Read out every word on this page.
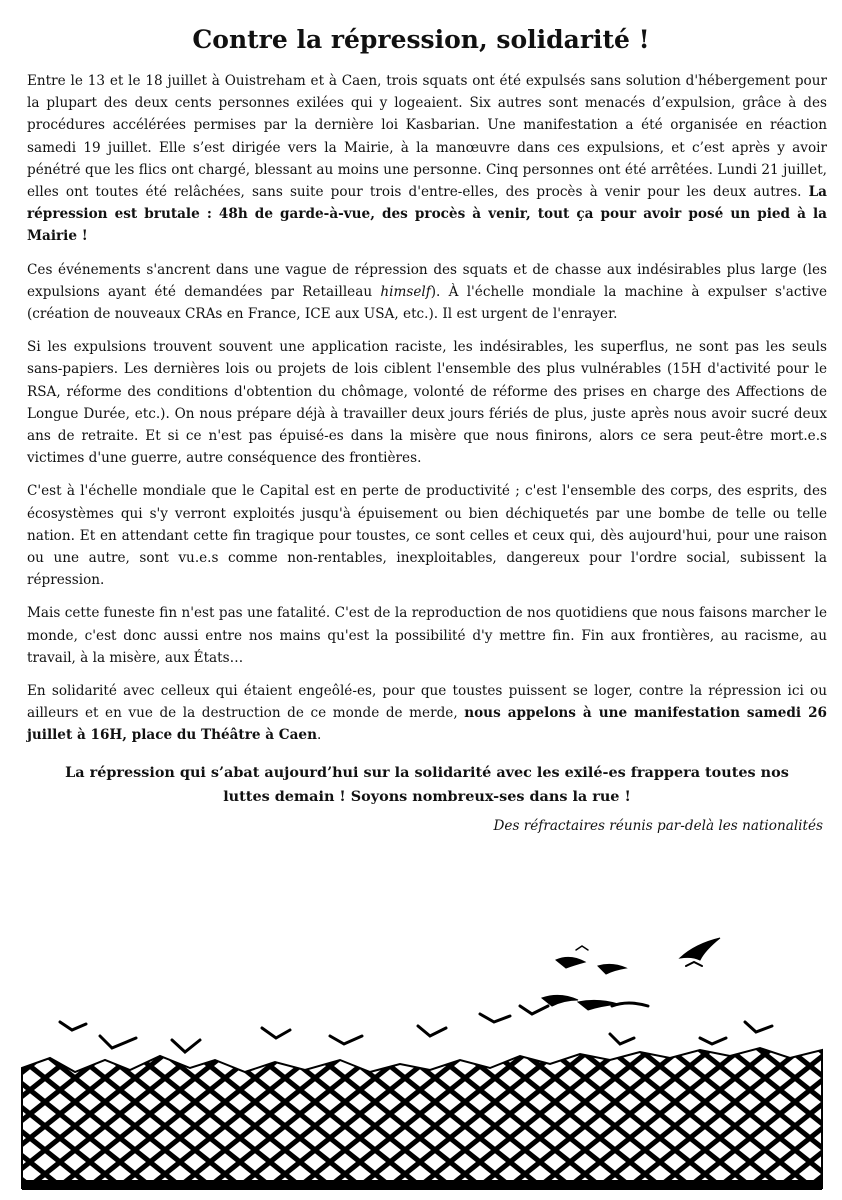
Contre la répression, solidarité !

Entre le 13 et le 18 juillet à Ouistreham et à Caen, trois squats ont été expulsés sans solution d'hébergement pour la plupart des deux cents personnes exilées qui y logeaient. Six autres sont menacés d’expulsion, grâce à des procédures accélérées permises par la dernière loi Kasbarian. Une manifestation a été organisée en réaction samedi 19 juillet. Elle s’est dirigée vers la Mairie, à la manœuvre dans ces expulsions, et c’est après y avoir pénétré que les flics ont chargé, blessant au moins une personne. Cinq personnes ont été arrêtées. Lundi 21 juillet, elles ont toutes été relâchées, sans suite pour trois d'entre-elles, des procès à venir pour les deux autres. La répression est brutale : 48h de garde-à-vue, des procès à venir, tout ça pour avoir posé un pied à la Mairie !

Ces événements s'ancrent dans une vague de répression des squats et de chasse aux indésirables plus large (les expulsions ayant été demandées par Retailleau himself). À l'échelle mondiale la machine à expulser s'active (création de nouveaux CRAs en France, ICE aux USA, etc.). Il est urgent de l'enrayer.

Si les expulsions trouvent souvent une application raciste, les indésirables, les superflus, ne sont pas les seuls sans-papiers. Les dernières lois ou projets de lois ciblent l'ensemble des plus vulnérables (15H d'activité pour le RSA, réforme des conditions d'obtention du chômage, volonté de réforme des prises en charge des Affections de Longue Durée, etc.). On nous prépare déjà à travailler deux jours fériés de plus, juste après nous avoir sucré deux ans de retraite. Et si ce n'est pas épuisé-es dans la misère que nous finirons, alors ce sera peut-être mort.e.s victimes d'une guerre, autre conséquence des frontières.

C'est à l'échelle mondiale que le Capital est en perte de productivité ; c'est l'ensemble des corps, des esprits, des écosystèmes qui s'y verront exploités jusqu'à épuisement ou bien déchiquetés par une bombe de telle ou telle nation. Et en attendant cette fin tragique pour toustes, ce sont celles et ceux qui, dès aujourd'hui, pour une raison ou une autre, sont vu.e.s comme non-rentables, inexploitables, dangereux pour l'ordre social, subissent la répression.

Mais cette funeste fin n'est pas une fatalité. C'est de la reproduction de nos quotidiens que nous faisons marcher le monde, c'est donc aussi entre nos mains qu'est la possibilité d'y mettre fin. Fin aux frontières, au racisme, au travail, à la misère, aux États…

En solidarité avec celleux qui étaient engeôlé-es, pour que toustes puissent se loger, contre la répression ici ou ailleurs et en vue de la destruction de ce monde de merde, nous appelons à une manifestation samedi 26 juillet à 16H, place du Théâtre à Caen.

La répression qui s’abat aujourd’hui sur la solidarité avec les exilé-es frappera toutes nos luttes demain ! Soyons nombreux-ses dans la rue !
Des réfractaires réunis par-delà les nationalités
